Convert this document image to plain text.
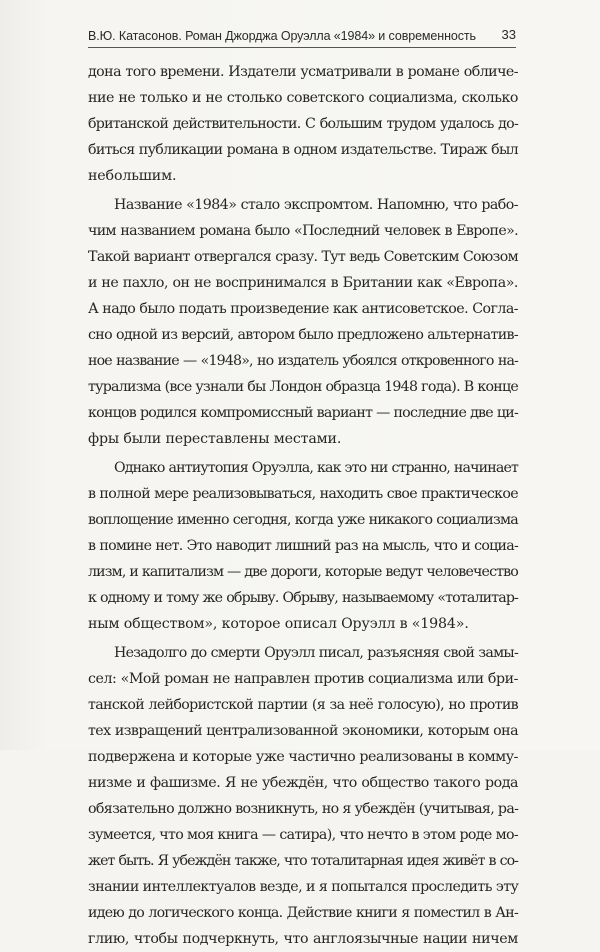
В.Ю. Катасонов. Роман Джорджа Оруэлла «1984» и современность 33
дона того времени. Издатели усматривали в романе обличе-
ние не только и не столько советского социализма, сколько
британской действительности. С большим трудом удалось до-
биться публикации романа в одном издательстве. Тираж был
небольшим.
Название «1984» стало экспромтом. Напомню, что рабо-
чим названием романа было «Последний человек в Европе».
Такой вариант отвергался сразу. Тут ведь Советским Союзом
и не пахло, он не воспринимался в Британии как «Европа».
А надо было подать произведение как антисоветское. Согла-
сно одной из версий, автором было предложено альтернатив-
ное название — «1948», но издатель убоялся откровенного на-
турализма (все узнали бы Лондон образца 1948 года). В конце
концов родился компромиссный вариант — последние две ци-
фры были переставлены местами.
Однако антиутопия Оруэлла, как это ни странно, начинает
в полной мере реализовываться, находить свое практическое
воплощение именно сегодня, когда уже никакого социализма
в помине нет. Это наводит лишний раз на мысль, что и социа-
лизм, и капитализм — две дороги, которые ведут человечество
к одному и тому же обрыву. Обрыву, называемому «тоталитар-
ным обществом», которое описал Оруэлл в «1984».
Незадолго до смерти Оруэлл писал, разъясняя свой замы-
сел: «Мой роман не направлен против социализма или бри-
танской лейбористской партии (я за неё голосую), но против
тех извращений централизованной экономики, которым она
подвержена и которые уже частично реализованы в комму-
низме и фашизме. Я не убеждён, что общество такого рода
обязательно должно возникнуть, но я убеждён (учитывая, ра-
зумеется, что моя книга — сатира), что нечто в этом роде мо-
жет быть. Я убеждён также, что тоталитарная идея живёт в со-
знании интеллектуалов везде, и я попытался проследить эту
идею до логического конца. Действие книги я поместил в Ан-
глию, чтобы подчеркнуть, что англоязычные нации ничем
